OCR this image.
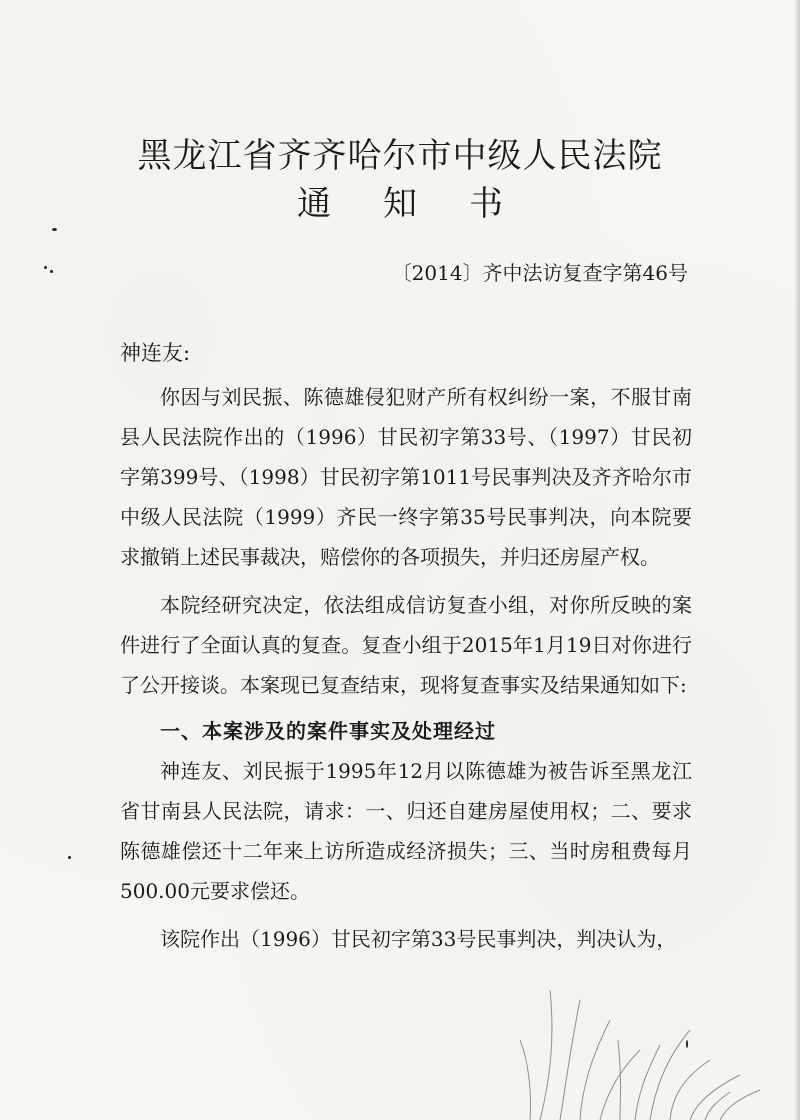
黑龙江省齐齐哈尔市中级人民法院
通知书
〔2014〕齐中法访复查字第46号
神连友:

你因与刘民振、陈德雄侵犯财产所有权纠纷一案，不服甘南县人民法院作出的（1996）甘民初字第33号、（1997）甘民初字第399号、（1998）甘民初字第1011号民事判决及齐齐哈尔市中级人民法院（1999）齐民一终字第35号民事判决，向本院要求撤销上述民事裁决，赔偿你的各项损失，并归还房屋产权。

本院经研究决定，依法组成信访复查小组，对你所反映的案件进行了全面认真的复查。复查小组于2015年1月19日对你进行了公开接谈。本案现已复查结束，现将复查事实及结果通知如下:

一、本案涉及的案件事实及处理经过

神连友、刘民振于1995年12月以陈德雄为被告诉至黑龙江省甘南县人民法院，请求：一、归还自建房屋使用权；二、要求陈德雄偿还十二年来上访所造成经济损失；三、当时房租费每月500.00元要求偿还。

该院作出（1996）甘民初字第33号民事判决，判决认为，
